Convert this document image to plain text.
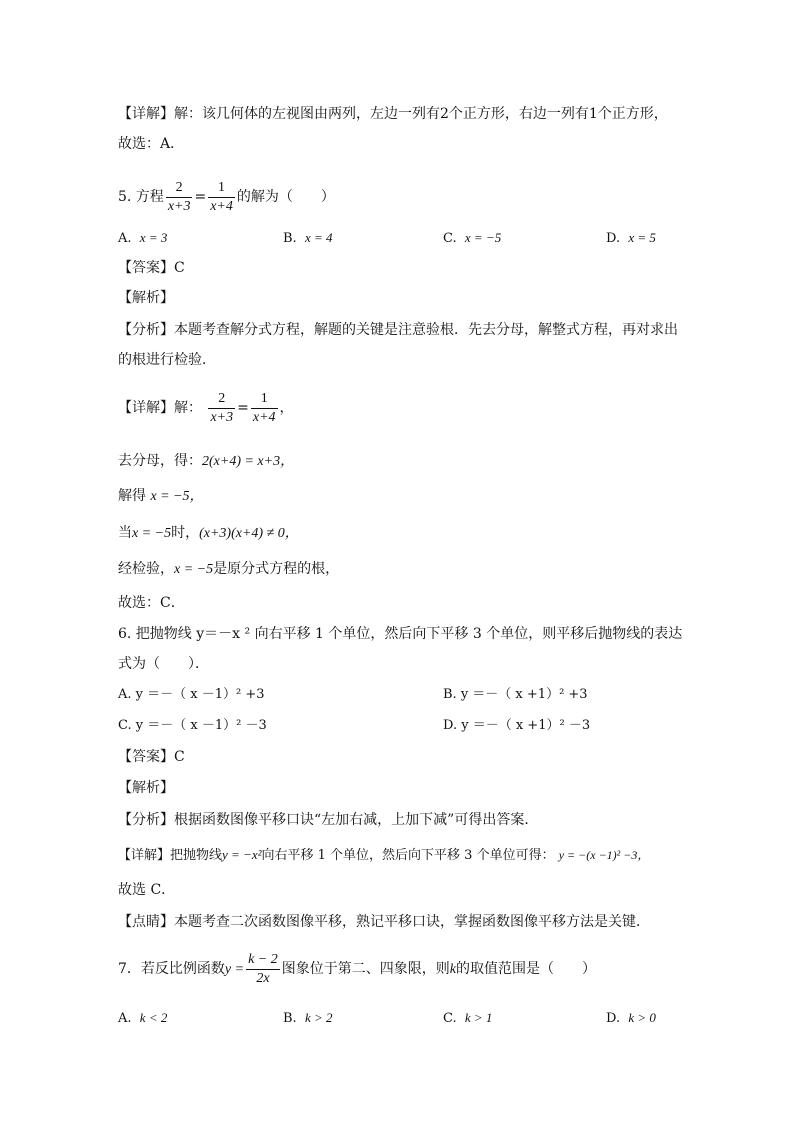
【详解】解：该几何体的左视图由两列，左边一列有2个正方形，右边一列有1个正方形，
故选：A．
5. 方程 $\frac{2}{x+3} = \frac{1}{x+4}$ 的解为（　　）
A. x = 3	B. x = 4	C. x = −5	D. x = 5
【答案】C
【解析】
【分析】本题考查解分式方程，解题的关键是注意验根．先去分母，解整式方程，再对求出
的根进行检验．
【详解】解： $\frac{2}{x+3} = \frac{1}{x+4}$ ，
去分母，得：2(x+4) = x+3，
解得 x = −5，
当x = −5时，(x+3)(x+4) ≠ 0，
经检验，x = −5是原分式方程的根，
故选：C．
6. 把抛物线 y＝－x ² 向右平移 1 个单位，然后向下平移 3 个单位，则平移后抛物线的表达
式为（　　）．
A. y ＝－（ x －1）² +3	B. y ＝－（ x +1）² +3
C. y ＝－（ x －1）² －3	D. y ＝－（ x +1）² －3
【答案】C
【解析】
【分析】根据函数图像平移口诀“左加右减，上加下减”可得出答案．
【详解】把抛物线y = −x²向右平移 1 个单位，然后向下平移 3 个单位可得： y = −(x −1)² −3，
故选 C．
【点睛】本题考查二次函数图像平移，熟记平移口诀，掌握函数图像平移方法是关键．
7．若反比例函数$y = \frac{k - 2}{2x}$ 图象位于第二、四象限，则k的取值范围是（　　）
A. k < 2	B. k > 2	C. k > 1	D. k > 0
